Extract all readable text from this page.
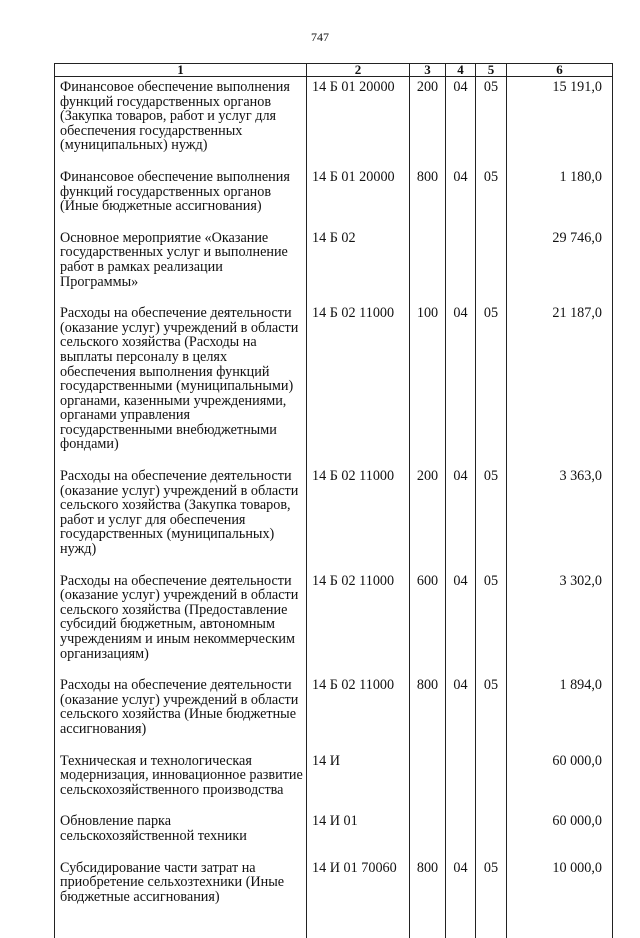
747
1	2	3	4	5	6
Финансовое обеспечение выполнения функций государственных органов (Закупка товаров, работ и услуг для обеспечения государственных (муниципальных) нужд)	14 Б 01 20000	200	04	05	15 191,0

Финансовое обеспечение выполнения функций государственных органов (Иные бюджетные ассигнования)	14 Б 01 20000	800	04	05	1 180,0

Основное мероприятие «Оказание государственных услуг и выполнение работ в рамках реализации Программы»	14 Б 02				29 746,0

Расходы на обеспечение деятельности (оказание услуг) учреждений в области сельского хозяйства (Расходы на выплаты персоналу в целях обеспечения выполнения функций государственными (муниципальными) органами, казенными учреждениями, органами управления государственными внебюджетными фондами)	14 Б 02 11000	100	04	05	21 187,0

Расходы на обеспечение деятельности (оказание услуг) учреждений в области сельского хозяйства (Закупка товаров, работ и услуг для обеспечения государственных (муниципальных) нужд)	14 Б 02 11000	200	04	05	3 363,0

Расходы на обеспечение деятельности (оказание услуг) учреждений в области сельского хозяйства (Предоставление субсидий бюджетным, автономным учреждениям и иным некоммерческим организациям)	14 Б 02 11000	600	04	05	3 302,0

Расходы на обеспечение деятельности (оказание услуг) учреждений в области сельского хозяйства (Иные бюджетные ассигнования)	14 Б 02 11000	800	04	05	1 894,0

Техническая и технологическая модернизация, инновационное развитие сельскохозяйственного производства	14 И				60 000,0

Обновление парка сельскохозяйственной техники	14 И 01				60 000,0

Субсидирование части затрат на приобретение сельхозтехники (Иные бюджетные ассигнования)	14 И 01 70060	800	04	05	10 000,0
